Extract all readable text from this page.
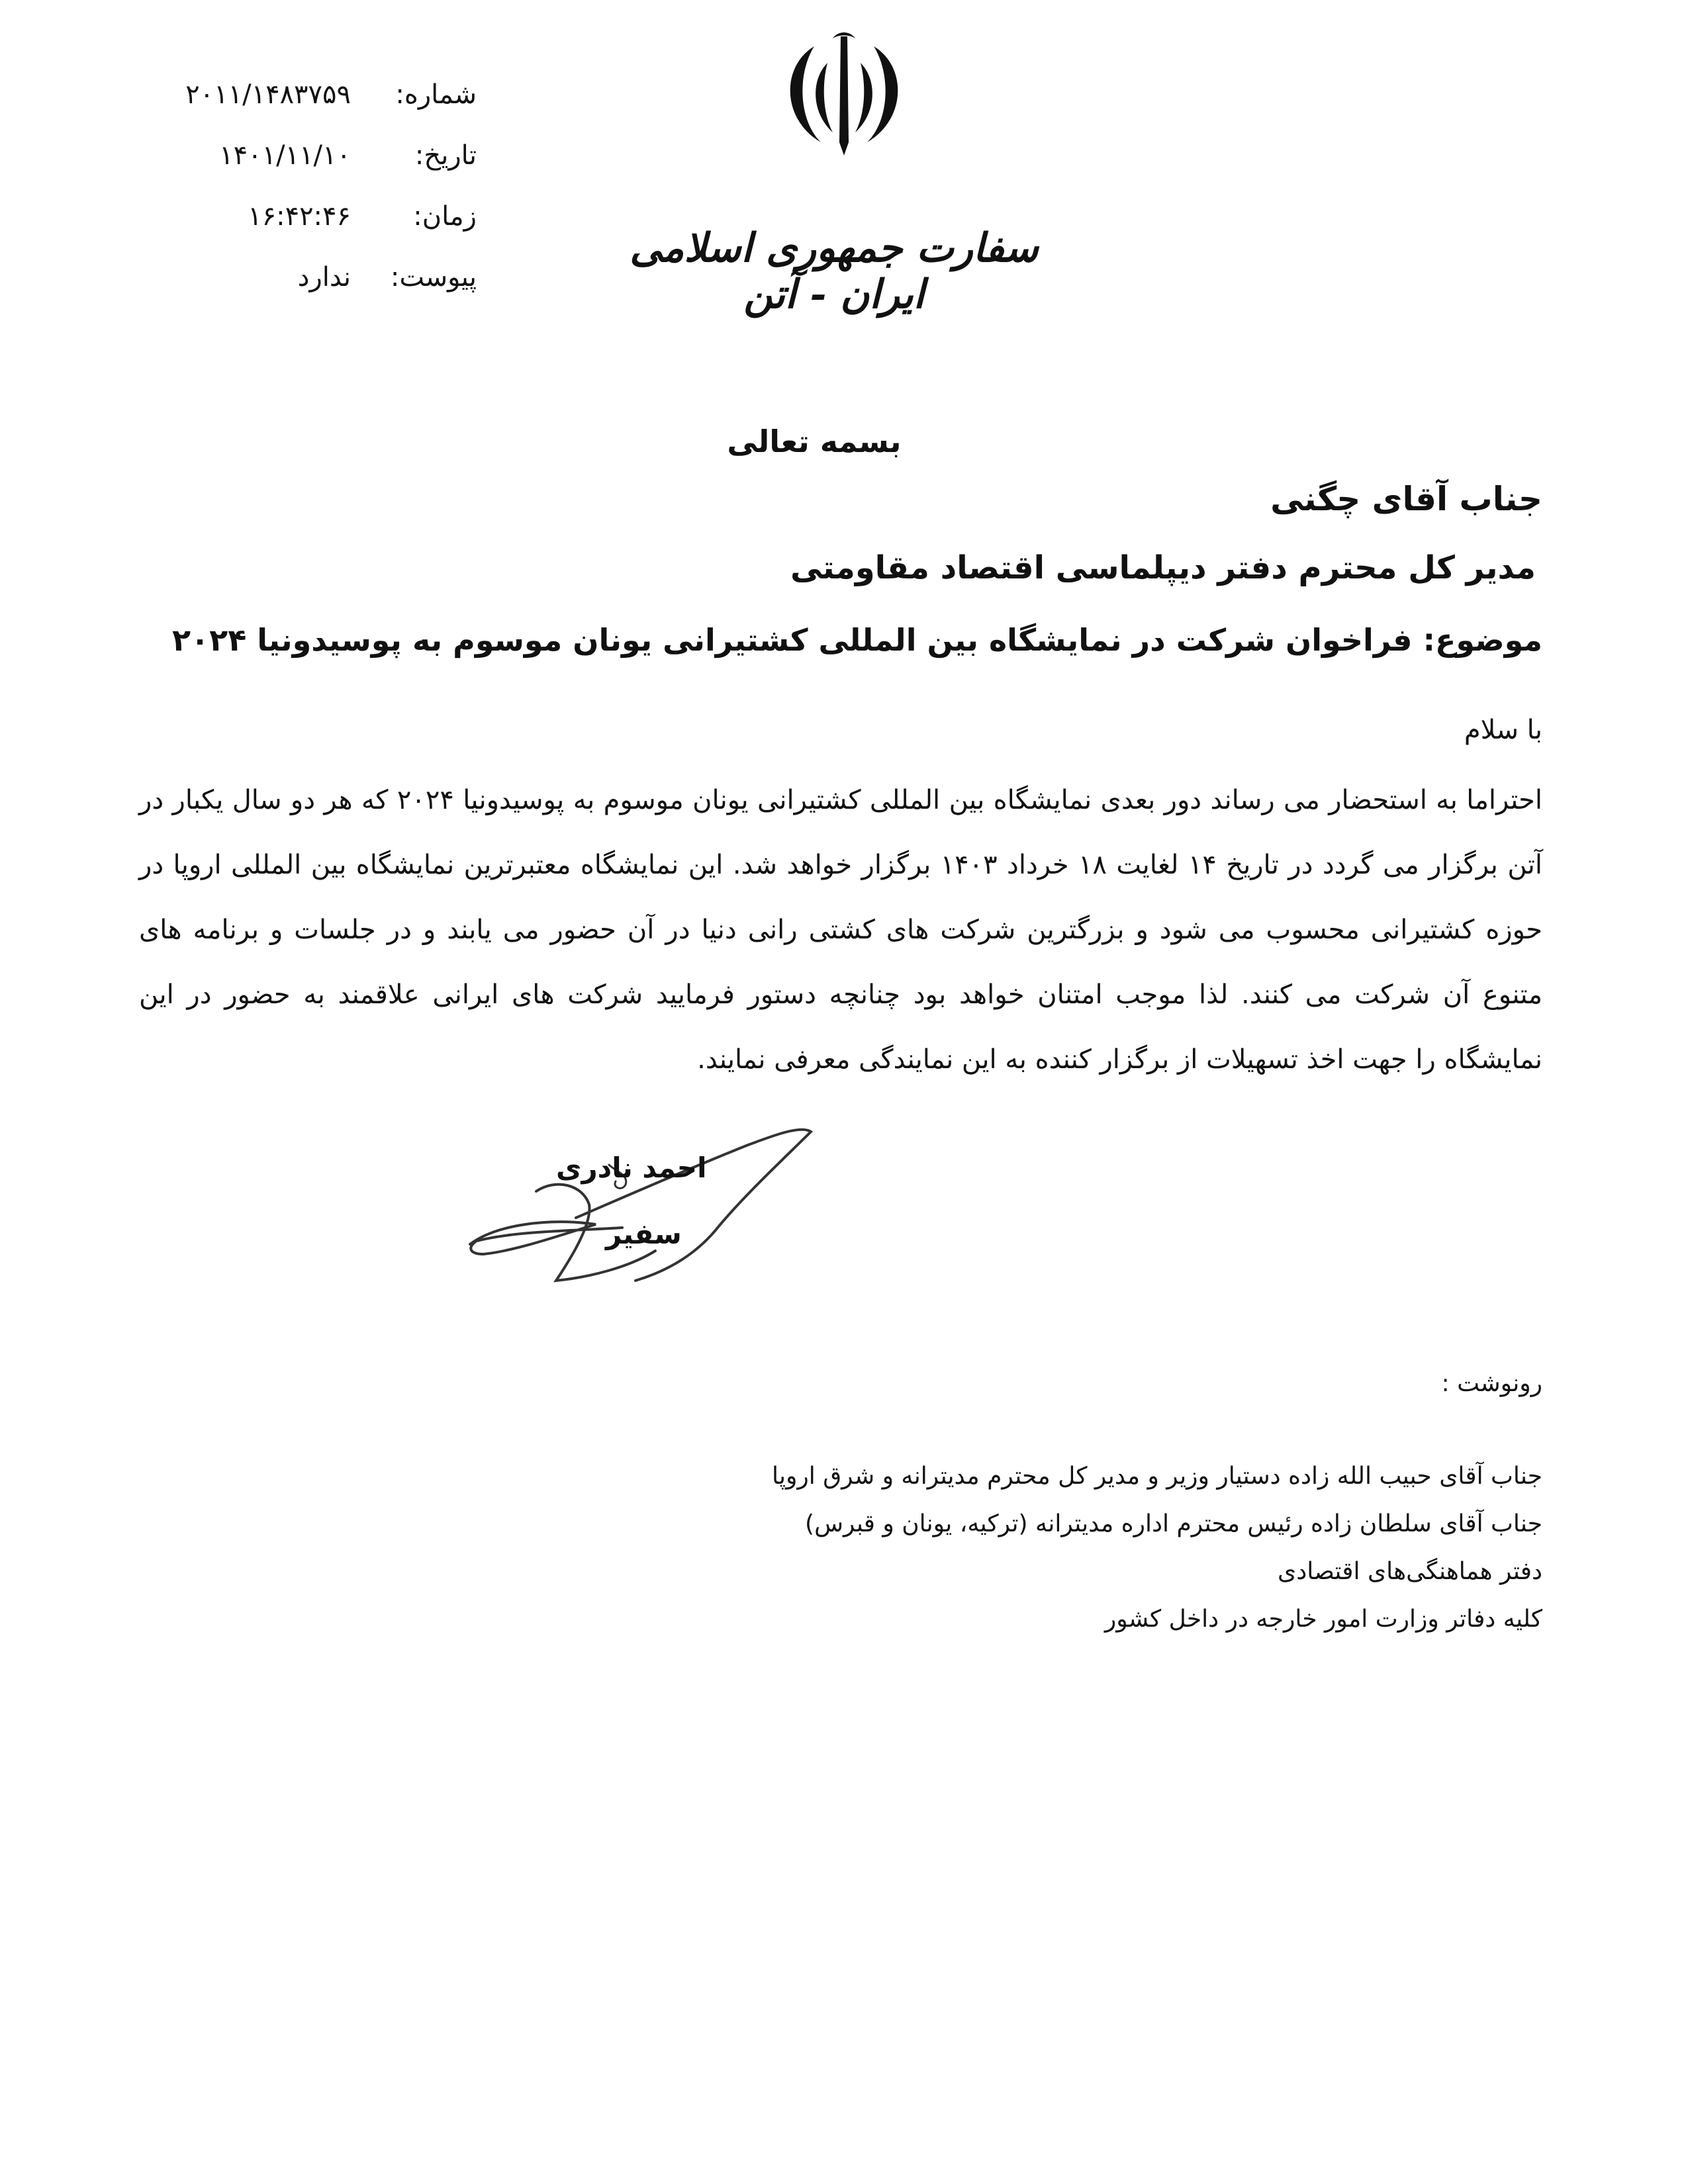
سفارت جمهوری اسلامی ایران - آتن
شماره:
۲۰۱۱/۱۴۸۳۷۵۹
تاریخ:
۱۴۰۱/۱۱/۱۰
زمان:
۱۶:۴۲:۴۶
پیوست:
ندارد
بسمه تعالی
جناب آقای چگنی
مدیر کل محترم دفتر دیپلماسی اقتصاد مقاومتی
موضوع: فراخوان شرکت در نمایشگاه بین المللی کشتیرانی یونان موسوم به پوسیدونیا ۲۰۲۴
با سلام
احتراما به استحضار می رساند دور بعدی نمایشگاه بین المللی کشتیرانی یونان موسوم به پوسیدونیا ۲۰۲۴ که هر دو سال یکبار در آتن برگزار می گردد در تاریخ ۱۴ لغایت ۱۸ خرداد ۱۴۰۳ برگزار خواهد شد. این نمایشگاه معتبرترین نمایشگاه بین المللی اروپا در حوزه کشتیرانی محسوب می شود و بزرگترین شرکت های کشتی رانی دنیا در آن حضور می یابند و در جلسات و برنامه های متنوع آن شرکت می کنند. لذا موجب امتنان خواهد بود چنانچه دستور فرمایید شرکت های ایرانی علاقمند به حضور در این نمایشگاه را جهت اخذ تسهیلات از برگزار کننده به این نمایندگی معرفی نمایند.
احمد نادری
سفیر
رونوشت :
جناب آقای حبیب الله زاده دستیار وزیر و مدیر کل محترم مدیترانه و شرق اروپا
جناب آقای سلطان زاده رئیس محترم اداره مدیترانه (ترکیه، یونان و قبرس)
دفتر هماهنگی‌های اقتصادی
کلیه دفاتر وزارت امور خارجه در داخل کشور
